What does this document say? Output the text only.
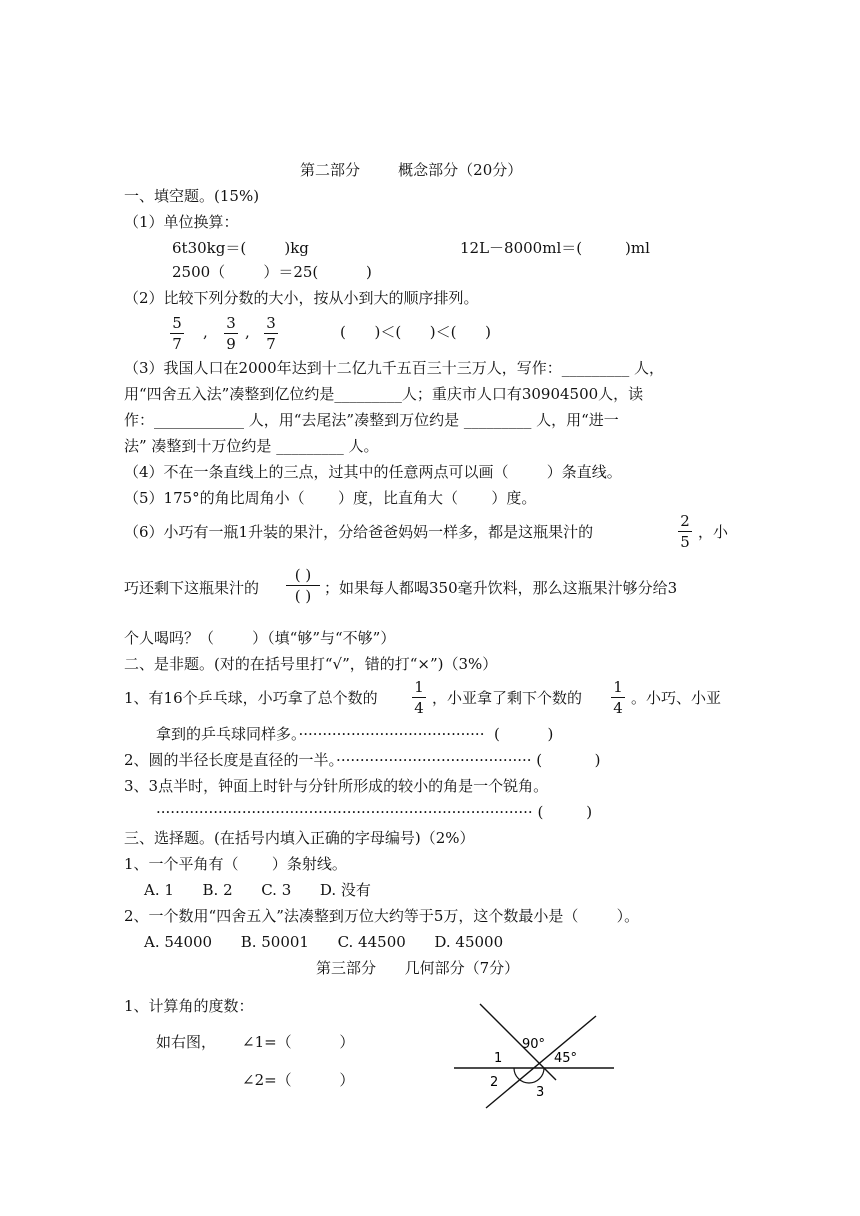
第二部分        概念部分（20分）
一、填空题。(15%)
（1）单位换算：
6t30kg＝(        )kg	12L－8000ml＝(         )ml
2500（        ）＝25(          )
（2）比较下列分数的大小，按从小到大的顺序排列。
5
7
, 3
9
, 3
7
(      )＜(      )＜(      )
（3）我国人口在2000年达到十二亿九千五百三十三万人，写作：_________ 人，
用“四舍五入法”凑整到亿位约是_________人；重庆市人口有30904500人，读
作：____________ 人，用“去尾法”凑整到万位约是 _________ 人，用“进一
法” 凑整到十万位约是 _________ 人。
（4）不在一条直线上的三点，过其中的任意两点可以画（        ）条直线。
（5）175°的角比周角小（       ）度，比直角大（       ）度。
（6）小巧有一瓶1升装的果汁，分给爸爸妈妈一样多，都是这瓶果汁的
2
5
，小
巧还剩下这瓶果汁的
( )
( ) ；如果每人都喝350毫升饮料，那么这瓶果汁够分给3
个人喝吗？（        ）（填“够”与“不够”）
二、是非题。(对的在括号里打“√”，错的打“×”)（3%）
1、有16个乒乓球，小巧拿了总个数的
1
4
，小亚拿了剩下个数的
1
4
。小巧、小亚
拿到的乒乓球同样多。·······································  (          )
2、圆的半径长度是直径的一半。········································· (           )
3、3点半时，钟面上时针与分针所形成的较小的角是一个锐角。
··············································································· (         )
三、选择题。(在括号内填入正确的字母编号)（2%）
1、一个平角有（       ）条射线。
A. 1      B. 2      C. 3      D. 没有
2、一个数用“四舍五入”法凑整到万位大约等于5万，这个数最小是（        ）。
A. 54000      B. 50001      C. 44500      D. 45000
第三部分      几何部分（7分）
1、计算角的度数：
如右图， ∠1=（          ）
∠2=（          ）
90°
45°
1
2
3
